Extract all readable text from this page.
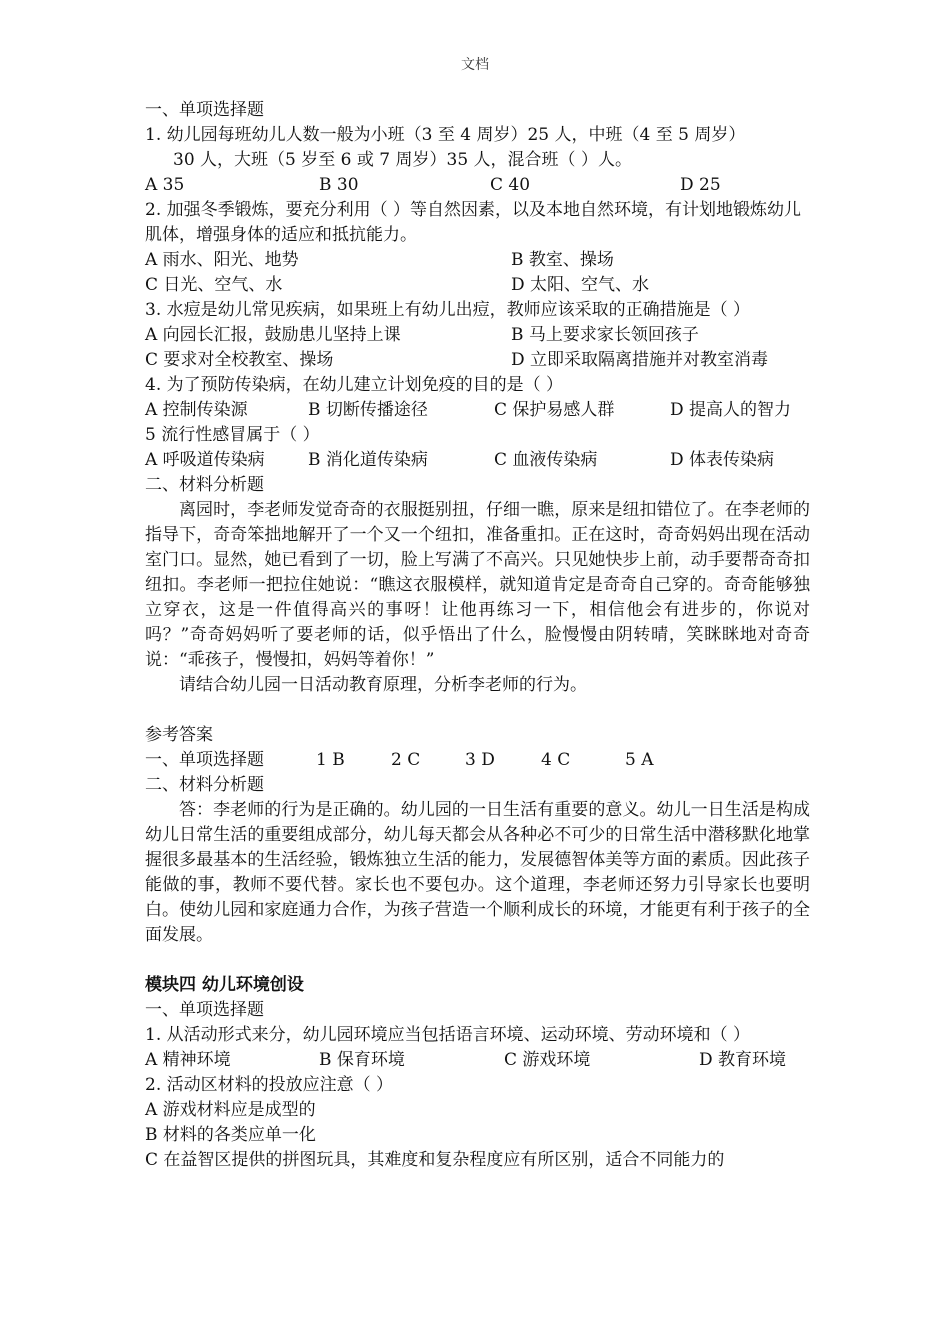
文档
一、单项选择题
1. 幼儿园每班幼儿人数一般为小班（3 至 4 周岁）25 人，中班（4 至 5 周岁）
30 人，大班（5 岁至 6 或 7 周岁）35 人，混合班（ ）人。
A 35	B 30	C 40	D 25
2. 加强冬季锻炼，要充分利用（ ）等自然因素，以及本地自然环境，有计划地锻炼幼儿肌体，增强身体的适应和抵抗能力。
A 雨水、阳光、地势	B 教室、操场
C 日光、空气、水	D 太阳、空气、水
3. 水痘是幼儿常见疾病，如果班上有幼儿出痘，教师应该采取的正确措施是（ ）
A 向园长汇报，鼓励患儿坚持上课	B 马上要求家长领回孩子
C 要求对全校教室、操场	D 立即采取隔离措施并对教室消毒
4. 为了预防传染病，在幼儿建立计划免疫的目的是（ ）
A 控制传染源	B 切断传播途径	C 保护易感人群	D 提高人的智力
5 流行性感冒属于（ ）
A 呼吸道传染病	B 消化道传染病	C 血液传染病	D 体表传染病
二、材料分析题
离园时，李老师发觉奇奇的衣服挺别扭，仔细一瞧，原来是纽扣错位了。在李老师的指导下，奇奇笨拙地解开了一个又一个纽扣，准备重扣。正在这时，奇奇妈妈出现在活动室门口。显然，她已看到了一切，脸上写满了不高兴。只见她快步上前，动手要帮奇奇扣纽扣。李老师一把拉住她说：“瞧这衣服模样，就知道肯定是奇奇自己穿的。奇奇能够独立穿衣，这是一件值得高兴的事呀！让他再练习一下，相信他会有进步的，你说对吗？”奇奇妈妈听了要老师的话，似乎悟出了什么，脸慢慢由阴转晴，笑眯眯地对奇奇说：“乖孩子，慢慢扣，妈妈等着你！”
请结合幼儿园一日活动教育原理，分析李老师的行为。
参考答案
一、单项选择题	1 B	2 C	3 D	4 C	5 A
二、材料分析题
答：李老师的行为是正确的。幼儿园的一日生活有重要的意义。幼儿一日生活是构成幼儿日常生活的重要组成部分，幼儿每天都会从各种必不可少的日常生活中潜移默化地掌握很多最基本的生活经验，锻炼独立生活的能力，发展德智体美等方面的素质。因此孩子能做的事，教师不要代替。家长也不要包办。这个道理，李老师还努力引导家长也要明白。使幼儿园和家庭通力合作，为孩子营造一个顺利成长的环境，才能更有利于孩子的全面发展。
模块四 幼儿环境创设
一、单项选择题
1. 从活动形式来分，幼儿园环境应当包括语言环境、运动环境、劳动环境和（ ）
A 精神环境	B 保育环境	C 游戏环境	D 教育环境
2. 活动区材料的投放应注意（ ）
A 游戏材料应是成型的
B 材料的各类应单一化
C 在益智区提供的拼图玩具，其难度和复杂程度应有所区别，适合不同能力的
